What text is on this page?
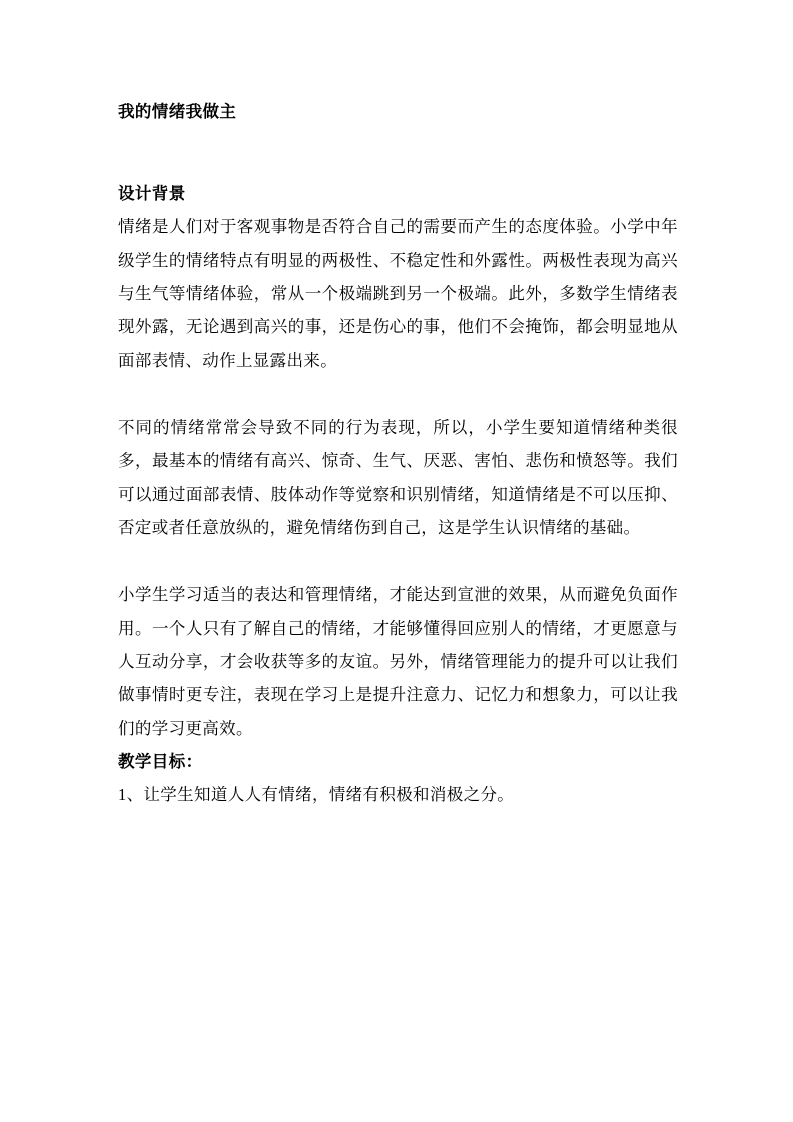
我的情绪我做主
设计背景

情绪是人们对于客观事物是否符合自己的需要而产生的态度体验。小学中年级学生的情绪特点有明显的两极性、不稳定性和外露性。两极性表现为高兴与生气等情绪体验，常从一个极端跳到另一个极端。此外，多数学生情绪表现外露，无论遇到高兴的事，还是伤心的事，他们不会掩饰，都会明显地从面部表情、动作上显露出来。

不同的情绪常常会导致不同的行为表现，所以，小学生要知道情绪种类很多，最基本的情绪有高兴、惊奇、生气、厌恶、害怕、悲伤和愤怒等。我们可以通过面部表情、肢体动作等觉察和识别情绪，知道情绪是不可以压抑、否定或者任意放纵的，避免情绪伤到自己，这是学生认识情绪的基础。

小学生学习适当的表达和管理情绪，才能达到宣泄的效果，从而避免负面作用。一个人只有了解自己的情绪，才能够懂得回应别人的情绪，才更愿意与人互动分享，才会收获等多的友谊。另外，情绪管理能力的提升可以让我们做事情时更专注，表现在学习上是提升注意力、记忆力和想象力，可以让我们的学习更高效。

教学目标：

1、让学生知道人人有情绪，情绪有积极和消极之分。
